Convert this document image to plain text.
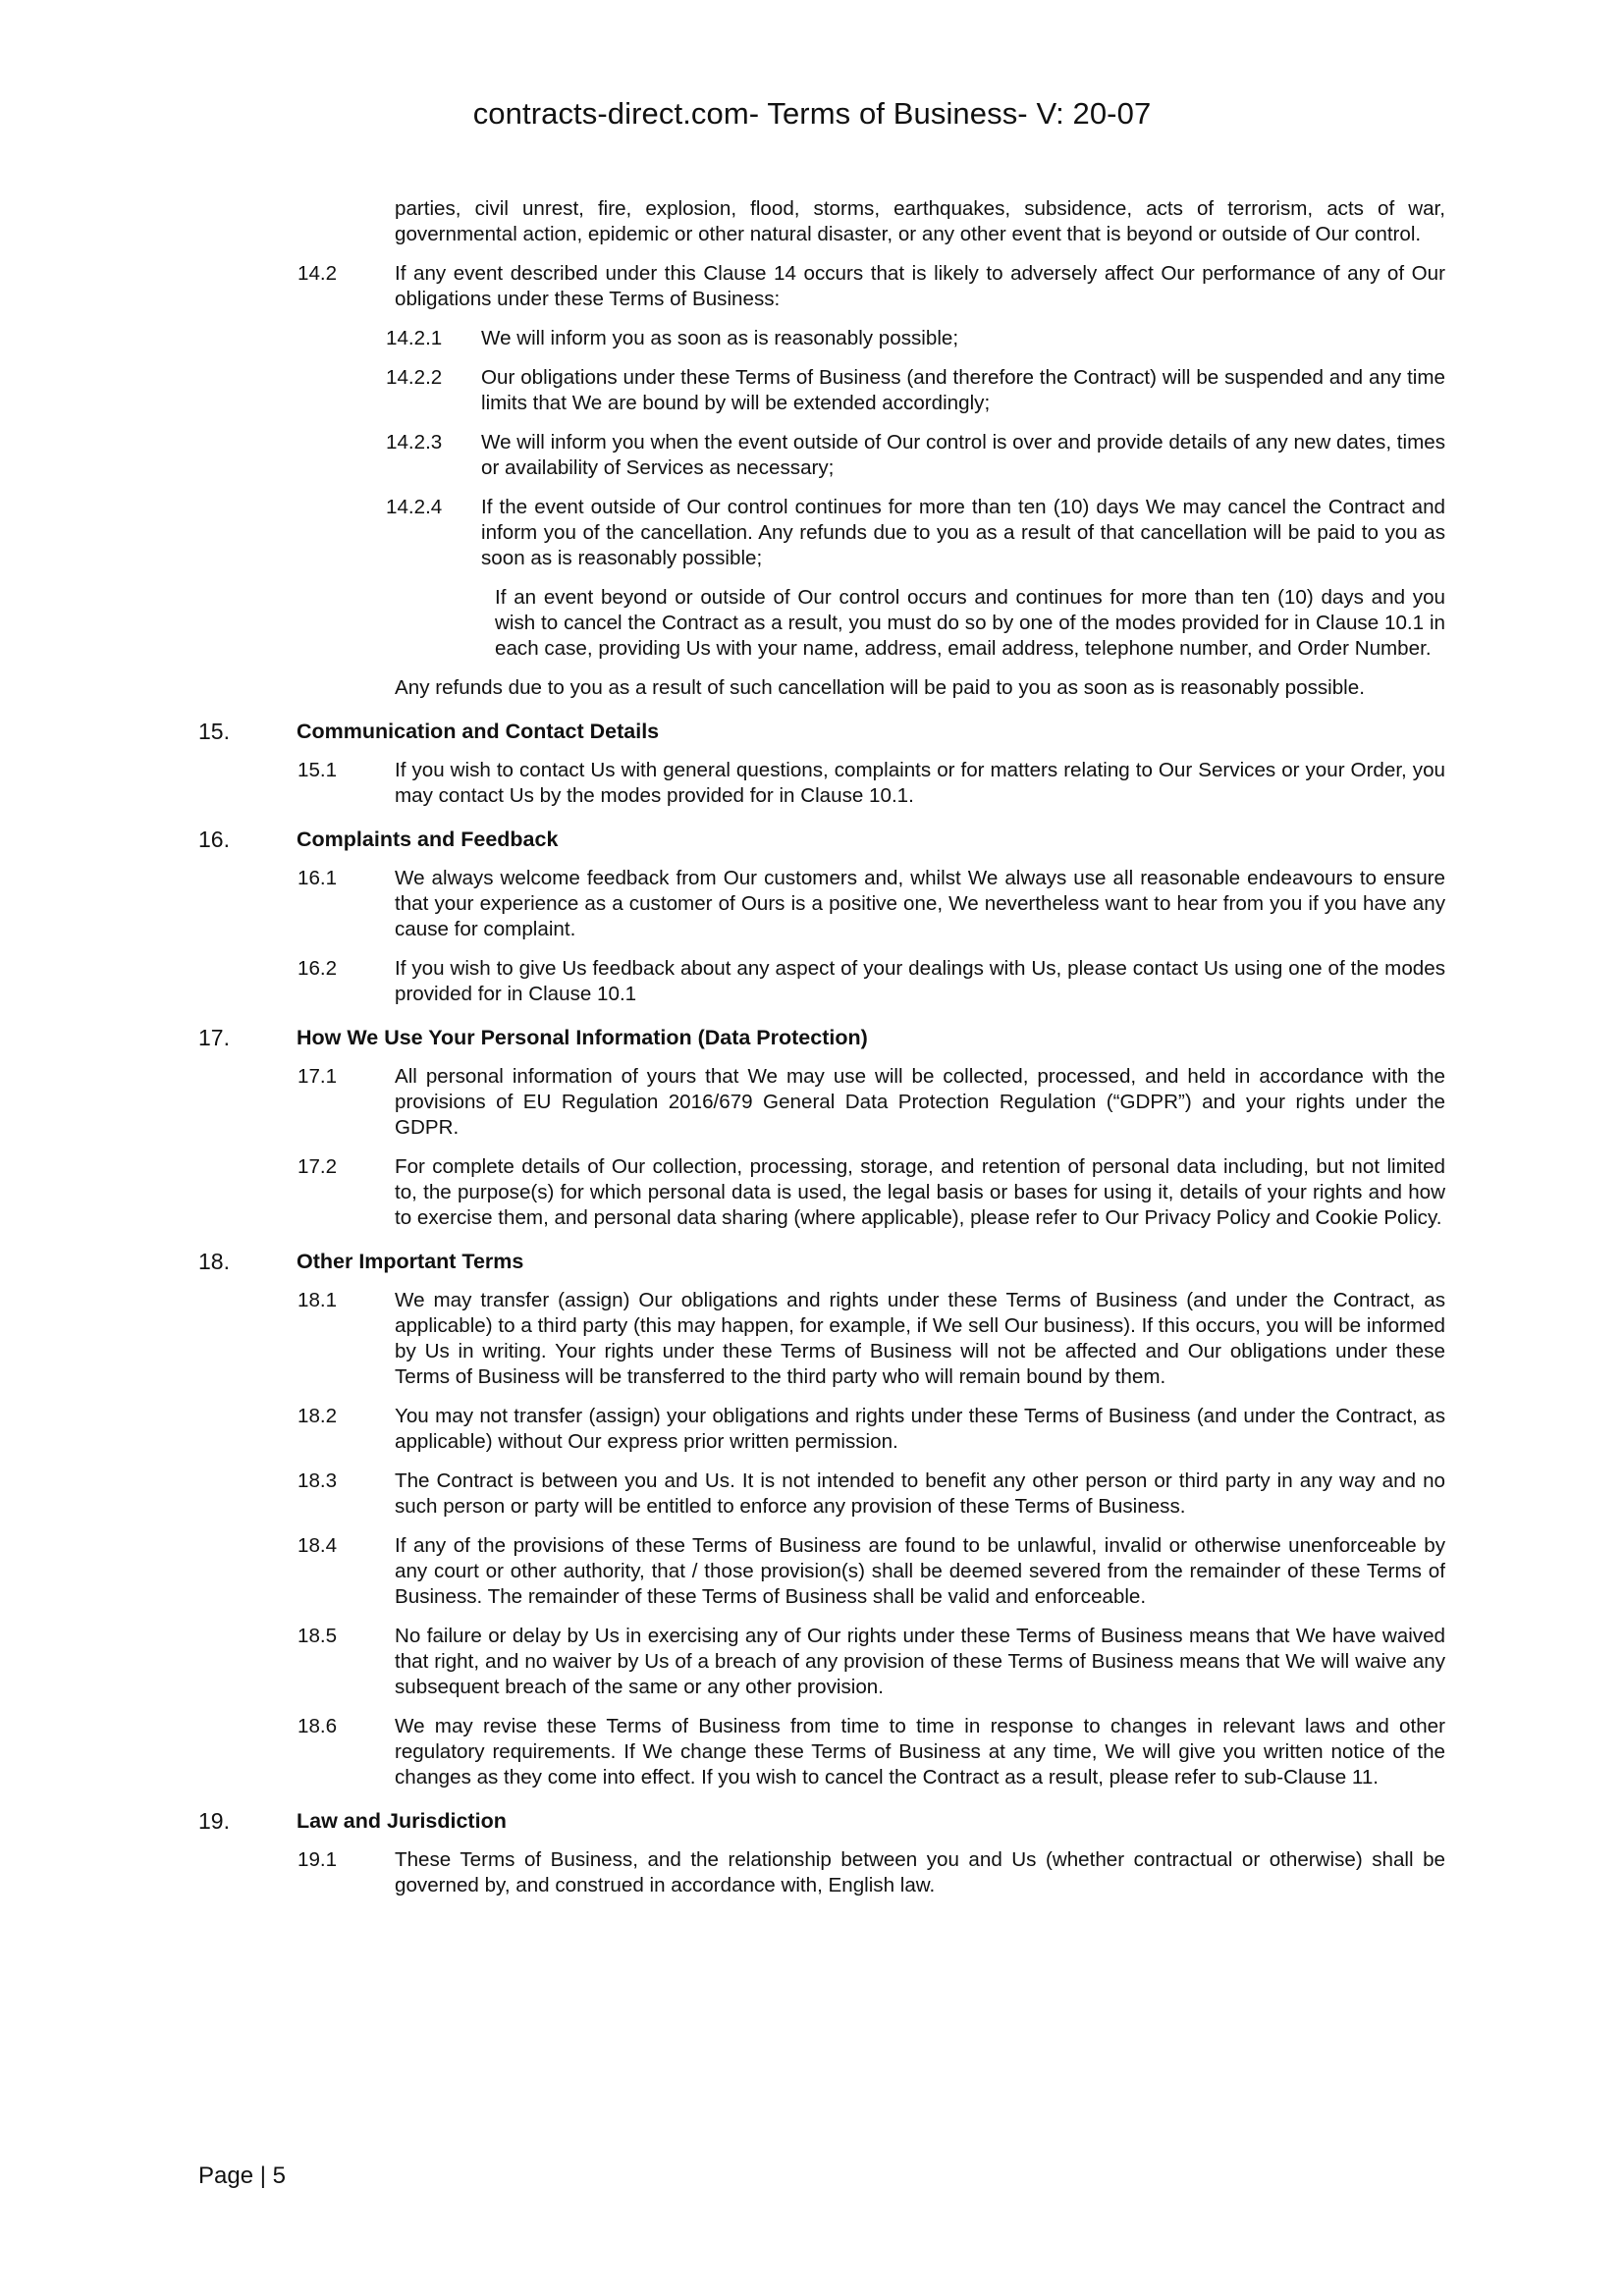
contracts-direct.com- Terms of Business- V: 20-07
parties, civil unrest, fire, explosion, flood, storms, earthquakes, subsidence, acts of terrorism, acts of war, governmental action, epidemic or other natural disaster, or any other event that is beyond or outside of Our control.
14.2	If any event described under this Clause 14 occurs that is likely to adversely affect Our performance of any of Our obligations under these Terms of Business:
14.2.1 We will inform you as soon as is reasonably possible;
14.2.2 Our obligations under these Terms of Business (and therefore the Contract) will be suspended and any time limits that We are bound by will be extended accordingly;
14.2.3 We will inform you when the event outside of Our control is over and provide details of any new dates, times or availability of Services as necessary;
14.2.4 If the event outside of Our control continues for more than ten (10) days We may cancel the Contract and inform you of the cancellation. Any refunds due to you as a result of that cancellation will be paid to you as soon as is reasonably possible;
If an event beyond or outside of Our control occurs and continues for more than ten (10) days and you wish to cancel the Contract as a result, you must do so by one of the modes provided for in Clause 10.1 in each case, providing Us with your name, address, email address, telephone number, and Order Number.
Any refunds due to you as a result of such cancellation will be paid to you as soon as is reasonably possible.
15.	Communication and Contact Details
15.1	If you wish to contact Us with general questions, complaints or for matters relating to Our Services or your Order, you may contact Us by the modes provided for in Clause 10.1.
16.	Complaints and Feedback
16.1	We always welcome feedback from Our customers and, whilst We always use all reasonable endeavours to ensure that your experience as a customer of Ours is a positive one, We nevertheless want to hear from you if you have any cause for complaint.
16.2	If you wish to give Us feedback about any aspect of your dealings with Us, please contact Us using one of the modes provided for in Clause 10.1
17.	How We Use Your Personal Information (Data Protection)
17.1	All personal information of yours that We may use will be collected, processed, and held in accordance with the provisions of EU Regulation 2016/679 General Data Protection Regulation (“GDPR”) and your rights under the GDPR.
17.2	For complete details of Our collection, processing, storage, and retention of personal data including, but not limited to, the purpose(s) for which personal data is used, the legal basis or bases for using it, details of your rights and how to exercise them, and personal data sharing (where applicable), please refer to Our Privacy Policy and Cookie Policy.
18.	Other Important Terms
18.1	We may transfer (assign) Our obligations and rights under these Terms of Business (and under the Contract, as applicable) to a third party (this may happen, for example, if We sell Our business). If this occurs, you will be informed by Us in writing. Your rights under these Terms of Business will not be affected and Our obligations under these Terms of Business will be transferred to the third party who will remain bound by them.
18.2	You may not transfer (assign) your obligations and rights under these Terms of Business (and under the Contract, as applicable) without Our express prior written permission.
18.3	The Contract is between you and Us. It is not intended to benefit any other person or third party in any way and no such person or party will be entitled to enforce any provision of these Terms of Business.
18.4	If any of the provisions of these Terms of Business are found to be unlawful, invalid or otherwise unenforceable by any court or other authority, that / those provision(s) shall be deemed severed from the remainder of these Terms of Business. The remainder of these Terms of Business shall be valid and enforceable.
18.5	No failure or delay by Us in exercising any of Our rights under these Terms of Business means that We have waived that right, and no waiver by Us of a breach of any provision of these Terms of Business means that We will waive any subsequent breach of the same or any other provision.
18.6	We may revise these Terms of Business from time to time in response to changes in relevant laws and other regulatory requirements. If We change these Terms of Business at any time, We will give you written notice of the changes as they come into effect. If you wish to cancel the Contract as a result, please refer to sub-Clause 11.
19.	Law and Jurisdiction
19.1	These Terms of Business, and the relationship between you and Us (whether contractual or otherwise) shall be governed by, and construed in accordance with, English law.
Page | 5
